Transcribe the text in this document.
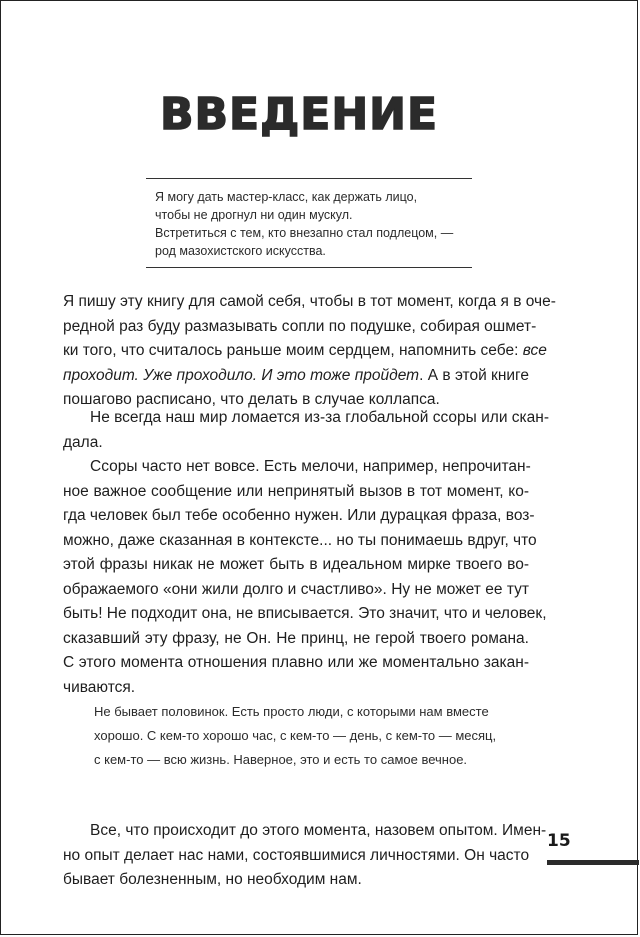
ВВЕДЕНИЕ
Я могу дать мастер-класс, как держать лицо,
чтобы не дрогнул ни один мускул.
Встретиться с тем, кто внезапно стал подлецом, —
род мазохистского искусства.
Я пишу эту книгу для самой себя, чтобы в тот момент, когда я в оче-
редной раз буду размазывать сопли по подушке, собирая ошмет-
ки того, что считалось раньше моим сердцем, напомнить себе: все
проходит. Уже проходило. И это тоже пройдет. А в этой книге
пошагово расписано, что делать в случае коллапса.
Не всегда наш мир ломается из-за глобальной ссоры или скан-
дала.
Ссоры часто нет вовсе. Есть мелочи, например, непрочитан-
ное важное сообщение или непринятый вызов в тот момент, ко-
гда человек был тебе особенно нужен. Или дурацкая фраза, воз-
можно, даже сказанная в контексте... но ты понимаешь вдруг, что
этой фразы никак не может быть в идеальном мирке твоего во-
ображаемого «они жили долго и счастливо». Ну не может ее тут
быть! Не подходит она, не вписывается. Это значит, что и человек,
сказавший эту фразу, не Он. Не принц, не герой твоего романа.
С этого момента отношения плавно или же моментально закан-
чиваются.
Не бывает половинок. Есть просто люди, с которыми нам вместе
хорошо. С кем-то хорошо час, с кем-то — день, с кем-то — месяц,
с кем-то — всю жизнь. Наверное, это и есть то самое вечное.
Все, что происходит до этого момента, назовем опытом. Имен-
но опыт делает нас нами, состоявшимися личностями. Он часто
бывает болезненным, но необходим нам.
15
